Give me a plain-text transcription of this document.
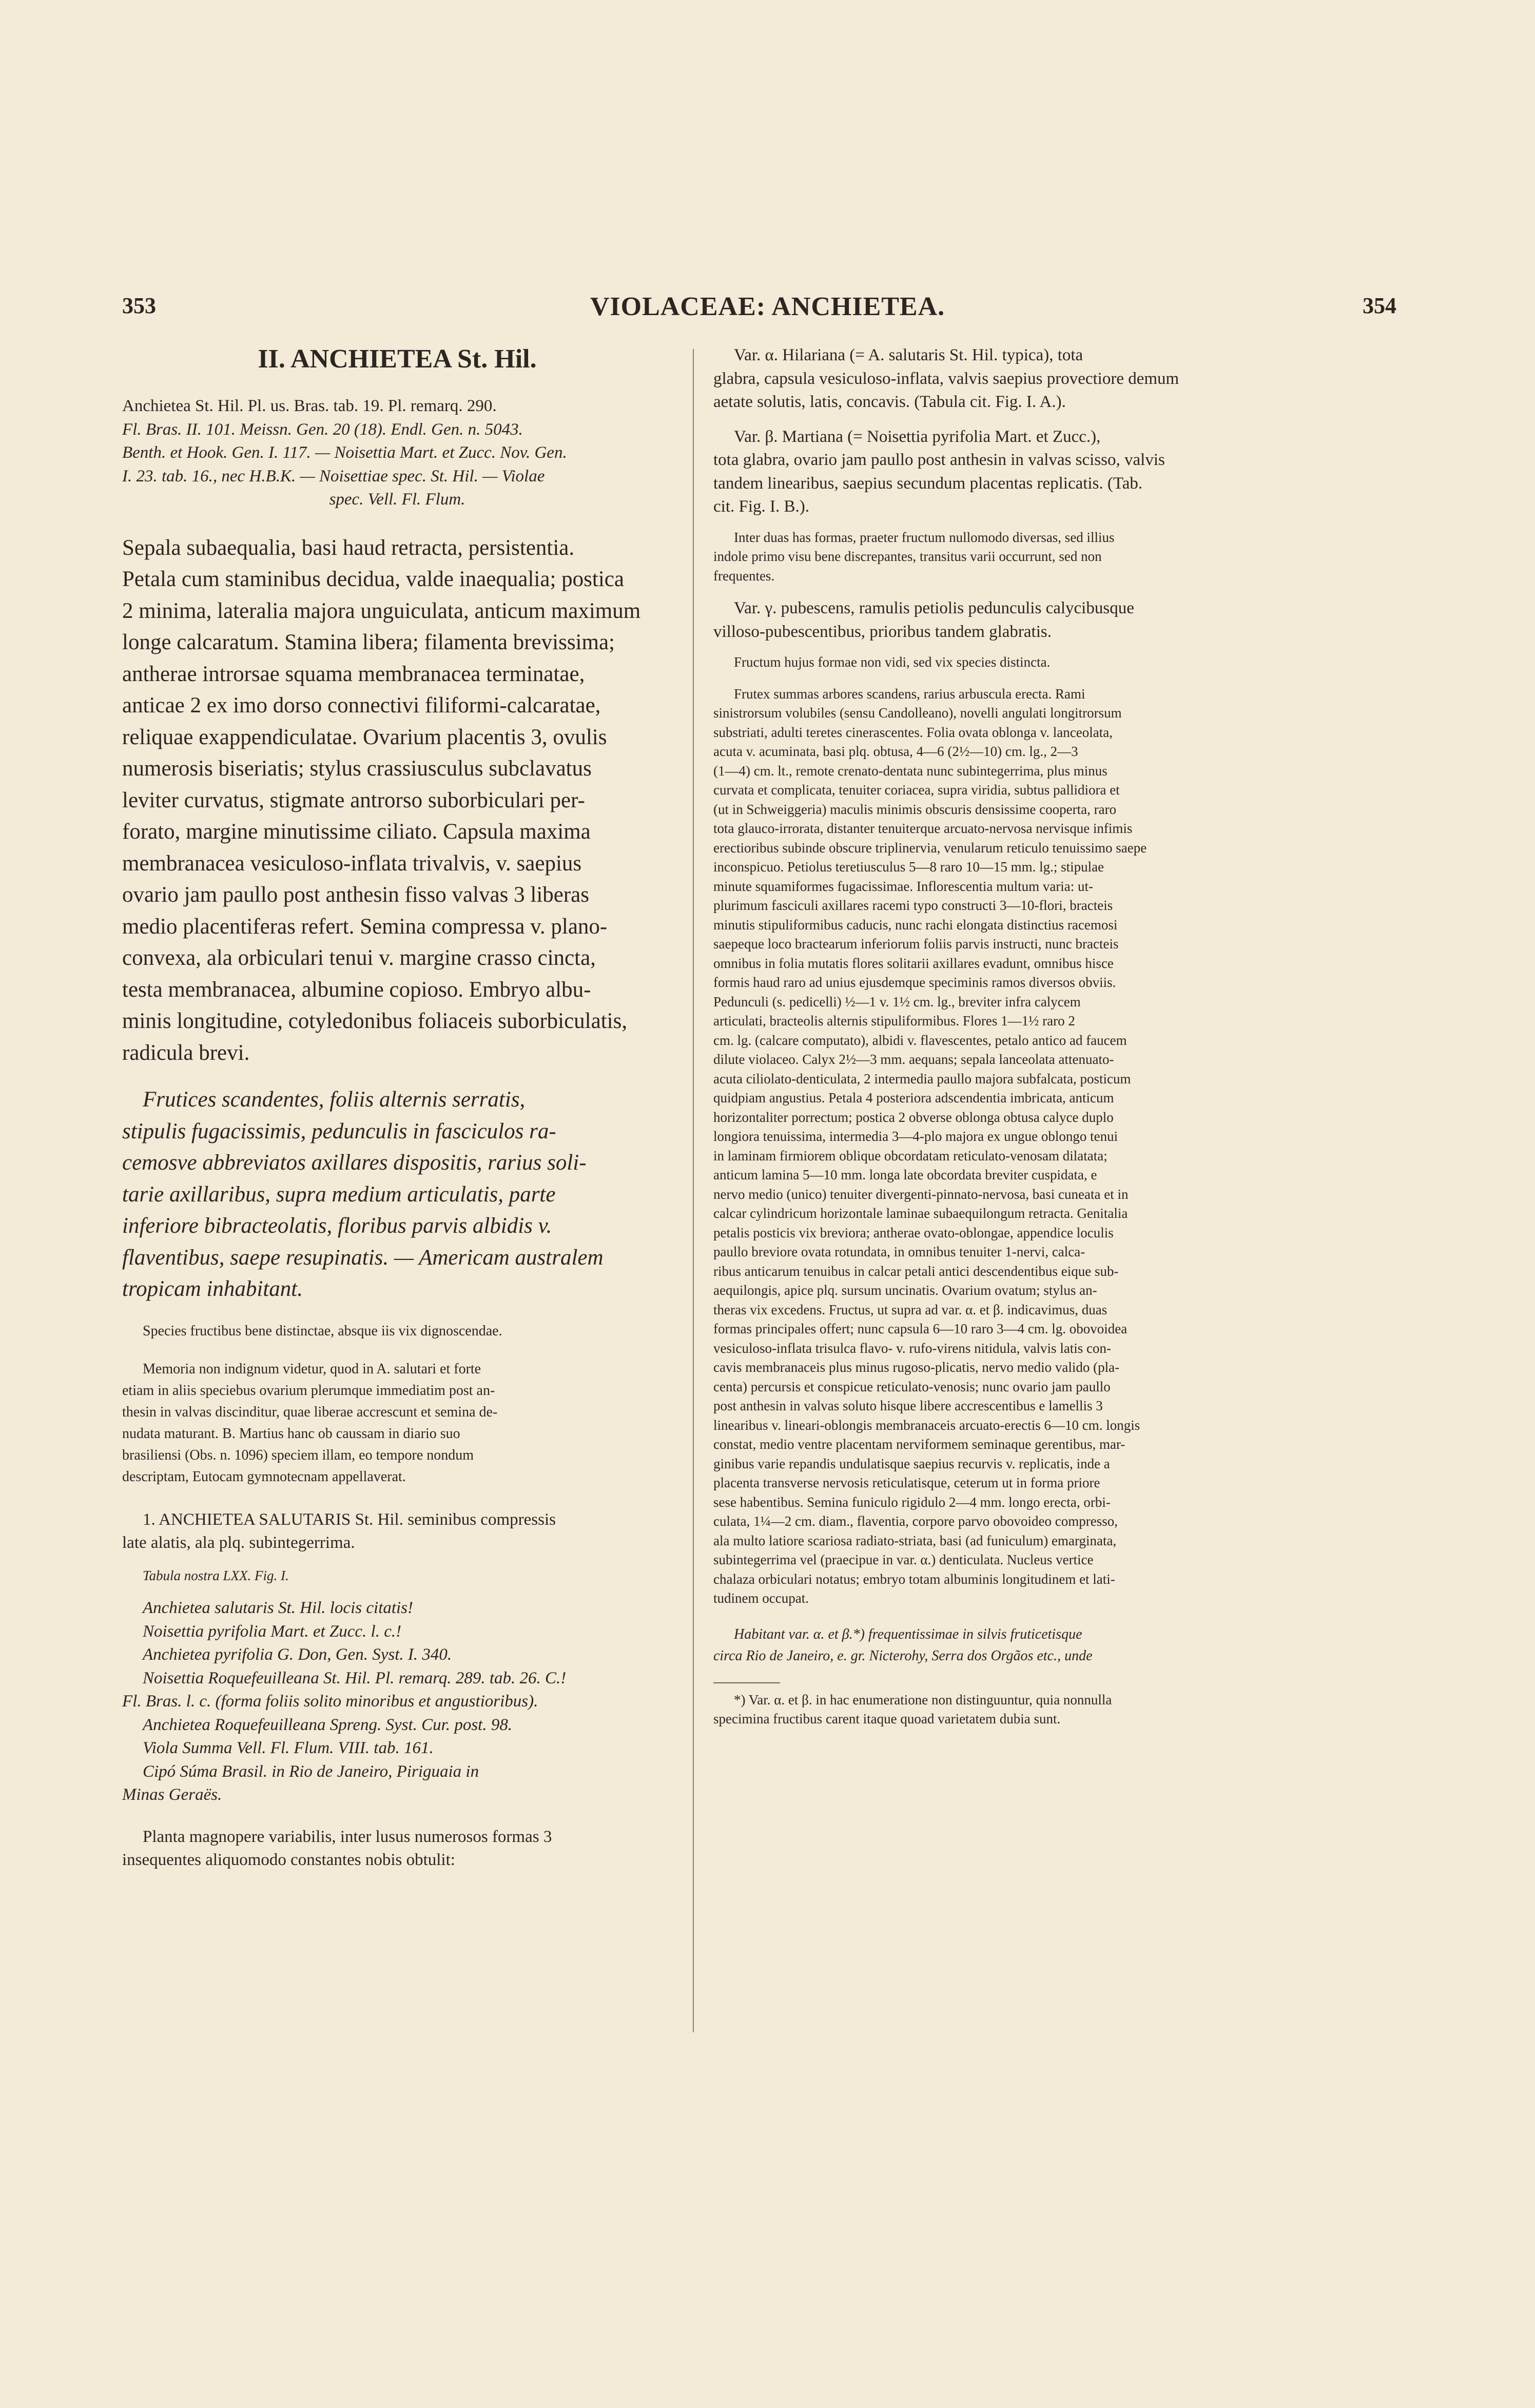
353	VIOLACEAE: ANCHIETEA.	354

II. ANCHIETEA St. Hil.

Anchietea St. Hil. Pl. us. Bras. tab. 19. Pl. remarq. 290.
Fl. Bras. II. 101. Meissn. Gen. 20 (18). Endl. Gen. n. 5043.
Benth. et Hook. Gen. I. 117. — Noisettia Mart. et Zucc. Nov. Gen.
I. 23. tab. 16., nec H.B.K. — Noisettiae spec. St. Hil. — Violae
spec. Vell. Fl. Flum.
Sepala subaequalia, basi haud retracta, persistentia.
Petala cum staminibus decidua, valde inaequalia; postica
2 minima, lateralia majora unguiculata, anticum maximum
longe calcaratum. Stamina libera; filamenta brevissima;
antherae introrsae squama membranacea terminatae,
anticae 2 ex imo dorso connectivi filiformi-calcaratae,
reliquae exappendiculatae. Ovarium placentis 3, ovulis
numerosis biseriatis; stylus crassiusculus subclavatus
leviter curvatus, stigmate antrorso suborbiculari per-
forato, margine minutissime ciliato. Capsula maxima
membranacea vesiculoso-inflata trivalvis, v. saepius
ovario jam paullo post anthesin fisso valvas 3 liberas
medio placentiferas refert. Semina compressa v. plano-
convexa, ala orbiculari tenui v. margine crasso cincta,
testa membranacea, albumine copioso. Embryo albu-
minis longitudine, cotyledonibus foliaceis suborbiculatis,
radicula brevi.
Frutices scandentes, foliis alternis serratis,
stipulis fugacissimis, pedunculis in fasciculos ra-
cemosve abbreviatos axillares dispositis, rarius soli-
tarie axillaribus, supra medium articulatis, parte
inferiore bibracteolatis, floribus parvis albidis v.
flaventibus, saepe resupinatis. — Americam australem
tropicam inhabitant.

Species fructibus bene distinctae, absque iis vix dignoscendae.

Memoria non indignum videtur, quod in A. salutari et forte
etiam in aliis speciebus ovarium plerumque immediatim post an-
thesin in valvas discinditur, quae liberae accrescunt et semina de-
nudata maturant. B. Martius hanc ob caussam in diario suo
brasiliensi (Obs. n. 1096) speciem illam, eo tempore nondum
descriptam, Eutocam gymnotecnam appellaverat.
1. ANCHIETEA SALUTARIS St. Hil. seminibus compressis
late alatis, ala plq. subintegerrima.

Tabula nostra LXX. Fig. I.

Anchietea salutaris St. Hil. locis citatis!
Noisettia pyrifolia Mart. et Zucc. l. c.!
Anchietea pyrifolia G. Don, Gen. Syst. I. 340.
Noisettia Roquefeuilleana St. Hil. Pl. remarq. 289. tab. 26. C.!
Fl. Bras. l. c. (forma foliis solito minoribus et angustioribus).
Anchietea Roquefeuilleana Spreng. Syst. Cur. post. 98.
Viola Summa Vell. Fl. Flum. VIII. tab. 161.
Cipó Súma Brasil. in Rio de Janeiro, Piriguaia in
Minas Geraës.
Planta magnopere variabilis, inter lusus numerosos formas 3
insequentes aliquomodo constantes nobis obtulit:
Var. α. Hilariana (= A. salutaris St. Hil. typica), tota
glabra, capsula vesiculoso-inflata, valvis saepius provectiore demum
aetate solutis, latis, concavis. (Tabula cit. Fig. I. A.).
Var. β. Martiana (= Noisettia pyrifolia Mart. et Zucc.),
tota glabra, ovario jam paullo post anthesin in valvas scisso, valvis
tandem linearibus, saepius secundum placentas replicatis. (Tab.
cit. Fig. I. B.).
Inter duas has formas, praeter fructum nullomodo diversas, sed illius
indole primo visu bene discrepantes, transitus varii occurrunt, sed non
frequentes.
Var. γ. pubescens, ramulis petiolis pedunculis calycibusque
villoso-pubescentibus, prioribus tandem glabratis.

Fructum hujus formae non vidi, sed vix species distincta.

Frutex summas arbores scandens, rarius arbuscula erecta. Rami
sinistrorsum volubiles (sensu Candolleano), novelli angulati longitrorsum
substriati, adulti teretes cinerascentes. Folia ovata oblonga v. lanceolata,
acuta v. acuminata, basi plq. obtusa, 4—6 (2½—10) cm. lg., 2—3
(1—4) cm. lt., remote crenato-dentata nunc subintegerrima, plus minus
curvata et complicata, tenuiter coriacea, supra viridia, subtus pallidiora et
(ut in Schweiggeria) maculis minimis obscuris densissime cooperta, raro
tota glauco-irrorata, distanter tenuiterque arcuato-nervosa nervisque infimis
erectioribus subinde obscure triplinervia, venularum reticulo tenuissimo saepe
inconspicuo. Petiolus teretiusculus 5—8 raro 10—15 mm. lg.; stipulae
minute squamiformes fugacissimae. Inflorescentia multum varia: ut-
plurimum fasciculi axillares racemi typo constructi 3—10-flori, bracteis
minutis stipuliformibus caducis, nunc rachi elongata distinctius racemosi
saepeque loco bractearum inferiorum foliis parvis instructi, nunc bracteis
omnibus in folia mutatis flores solitarii axillares evadunt, omnibus hisce
formis haud raro ad unius ejusdemque speciminis ramos diversos obviis.
Pedunculi (s. pedicelli) ½—1 v. 1½ cm. lg., breviter infra calycem
articulati, bracteolis alternis stipuliformibus. Flores 1—1½ raro 2
cm. lg. (calcare computato), albidi v. flavescentes, petalo antico ad faucem
dilute violaceo. Calyx 2½—3 mm. aequans; sepala lanceolata attenuato-
acuta ciliolato-denticulata, 2 intermedia paullo majora subfalcata, posticum
quidpiam angustius. Petala 4 posteriora adscendentia imbricata, anticum
horizontaliter porrectum; postica 2 obverse oblonga obtusa calyce duplo
longiora tenuissima, intermedia 3—4-plo majora ex ungue oblongo tenui
in laminam firmiorem oblique obcordatam reticulato-venosam dilatata;
anticum lamina 5—10 mm. longa late obcordata breviter cuspidata, e
nervo medio (unico) tenuiter divergenti-pinnato-nervosa, basi cuneata et in
calcar cylindricum horizontale laminae subaequilongum retracta. Genitalia
petalis posticis vix breviora; antherae ovato-oblongae, appendice loculis
paullo breviore ovata rotundata, in omnibus tenuiter 1-nervi, calca-
ribus anticarum tenuibus in calcar petali antici descendentibus eique sub-
aequilongis, apice plq. sursum uncinatis. Ovarium ovatum; stylus an-
theras vix excedens. Fructus, ut supra ad var. α. et β. indicavimus, duas
formas principales offert; nunc capsula 6—10 raro 3—4 cm. lg. obovoidea
vesiculoso-inflata trisulca flavo- v. rufo-virens nitidula, valvis latis con-
cavis membranaceis plus minus rugoso-plicatis, nervo medio valido (pla-
centa) percursis et conspicue reticulato-venosis; nunc ovario jam paullo
post anthesin in valvas soluto hisque libere accrescentibus e lamellis 3
linearibus v. lineari-oblongis membranaceis arcuato-erectis 6—10 cm. longis
constat, medio ventre placentam nerviformem seminaque gerentibus, mar-
ginibus varie repandis undulatisque saepius recurvis v. replicatis, inde a
placenta transverse nervosis reticulatisque, ceterum ut in forma priore
sese habentibus. Semina funiculo rigidulo 2—4 mm. longo erecta, orbi-
culata, 1¼—2 cm. diam., flaventia, corpore parvo obovoideo compresso,
ala multo latiore scariosa radiato-striata, basi (ad funiculum) emarginata,
subintegerrima vel (praecipue in var. α.) denticulata. Nucleus vertice
chalaza orbiculari notatus; embryo totam albuminis longitudinem et lati-
tudinem occupat.
Habitant var. α. et β.*) frequentissimae in silvis fruticetisque
circa Rio de Janeiro, e. gr. Nicterohy, Serra dos Orgãos etc., unde
*) Var. α. et β. in hac enumeratione non distinguuntur, quia nonnulla
specimina fructibus carent itaque quoad varietatem dubia sunt.
